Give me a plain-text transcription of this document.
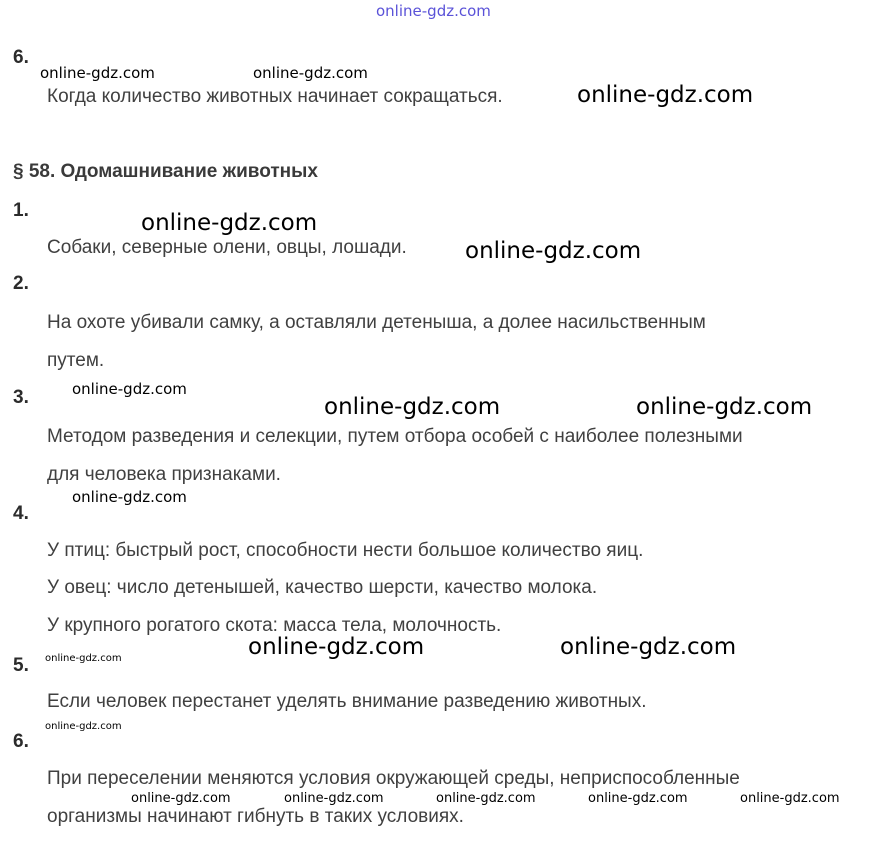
online-gdz.com
6.
online-gdz.com	online-gdz.com
Когда количество животных начинает сокращаться.	online-gdz.com
§ 58. Одомашнивание животных
1.	online-gdz.com
Собаки, северные олени, овцы, лошади.	online-gdz.com
2.
На охоте убивали самку, а оставляли детеныша, а долее насильственным
путем.
online-gdz.com
3.	online-gdz.com	online-gdz.com
Методом разведения и селекции, путем отбора особей с наиболее полезными
для человека признаками.
online-gdz.com
4.
У птиц: быстрый рост, способности нести большое количество яиц.
У овец: число детенышей, качество шерсти, качество молока.
У крупного рогатого скота: масса тела, молочность.
online-gdz.com	online-gdz.com
online-gdz.com
5.
Если человек перестанет уделять внимание разведению животных.
online-gdz.com
6.
При переселении меняются условия окружающей среды, неприспособленные
online-gdz.com	online-gdz.com	online-gdz.com	online-gdz.com	online-gdz.com
организмы начинают гибнуть в таких условиях.
